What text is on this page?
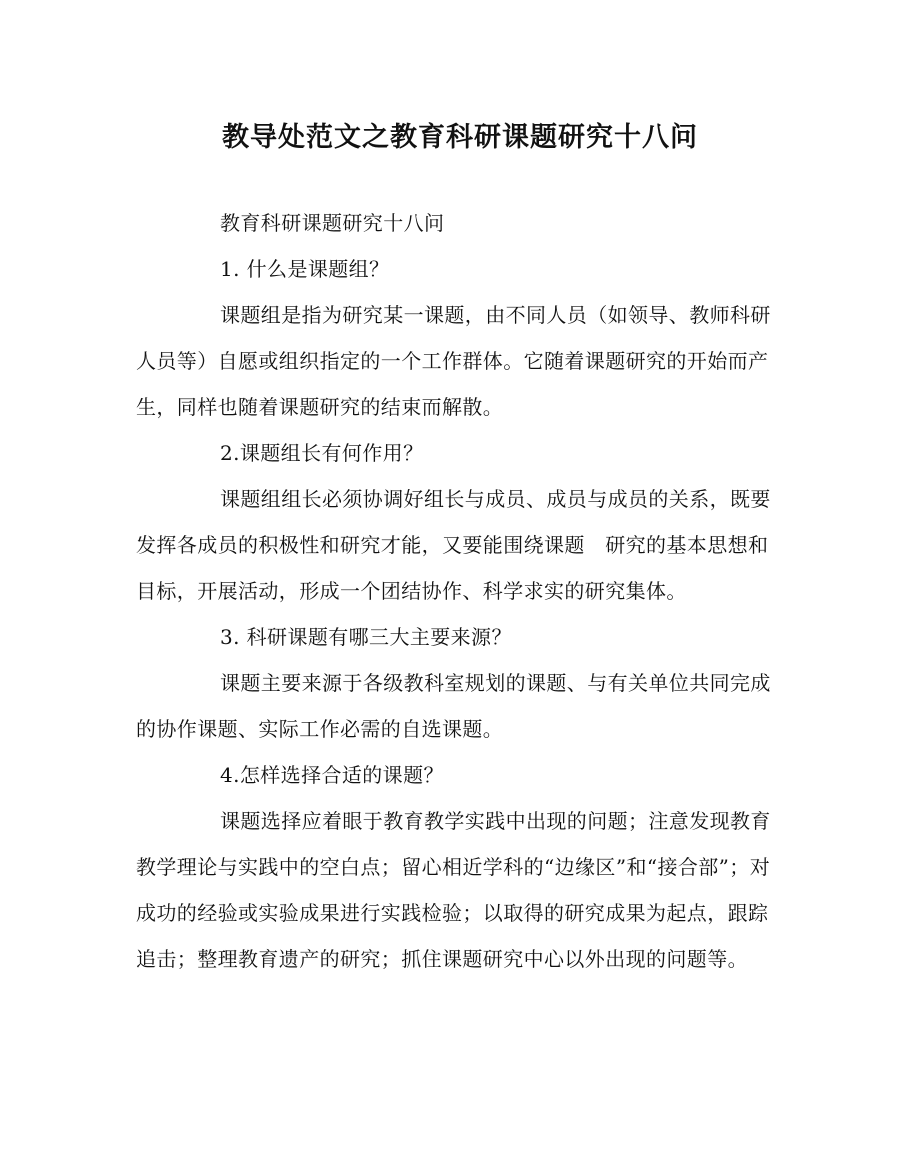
教导处范文之教育科研课题研究十八问

教育科研课题研究十八问

1. 什么是课题组？

课题组是指为研究某一课题，由不同人员（如领导、教师科研人员等）自愿或组织指定的一个工作群体。它随着课题研究的开始而产生，同样也随着课题研究的结束而解散。

2.课题组长有何作用？

课题组组长必须协调好组长与成员、成员与成员的关系，既要发挥各成员的积极性和研究才能，又要能围绕课题　研究的基本思想和目标，开展活动，形成一个团结协作、科学求实的研究集体。

3. 科研课题有哪三大主要来源？

课题主要来源于各级教科室规划的课题、与有关单位共同完成的协作课题、实际工作必需的自选课题。

4.怎样选择合适的课题？

课题选择应着眼于教育教学实践中出现的问题；注意发现教育教学理论与实践中的空白点；留心相近学科的“边缘区”和“接合部”；对成功的经验或实验成果进行实践检验；以取得的研究成果为起点，跟踪追击；整理教育遗产的研究；抓住课题研究中心以外出现的问题等。
